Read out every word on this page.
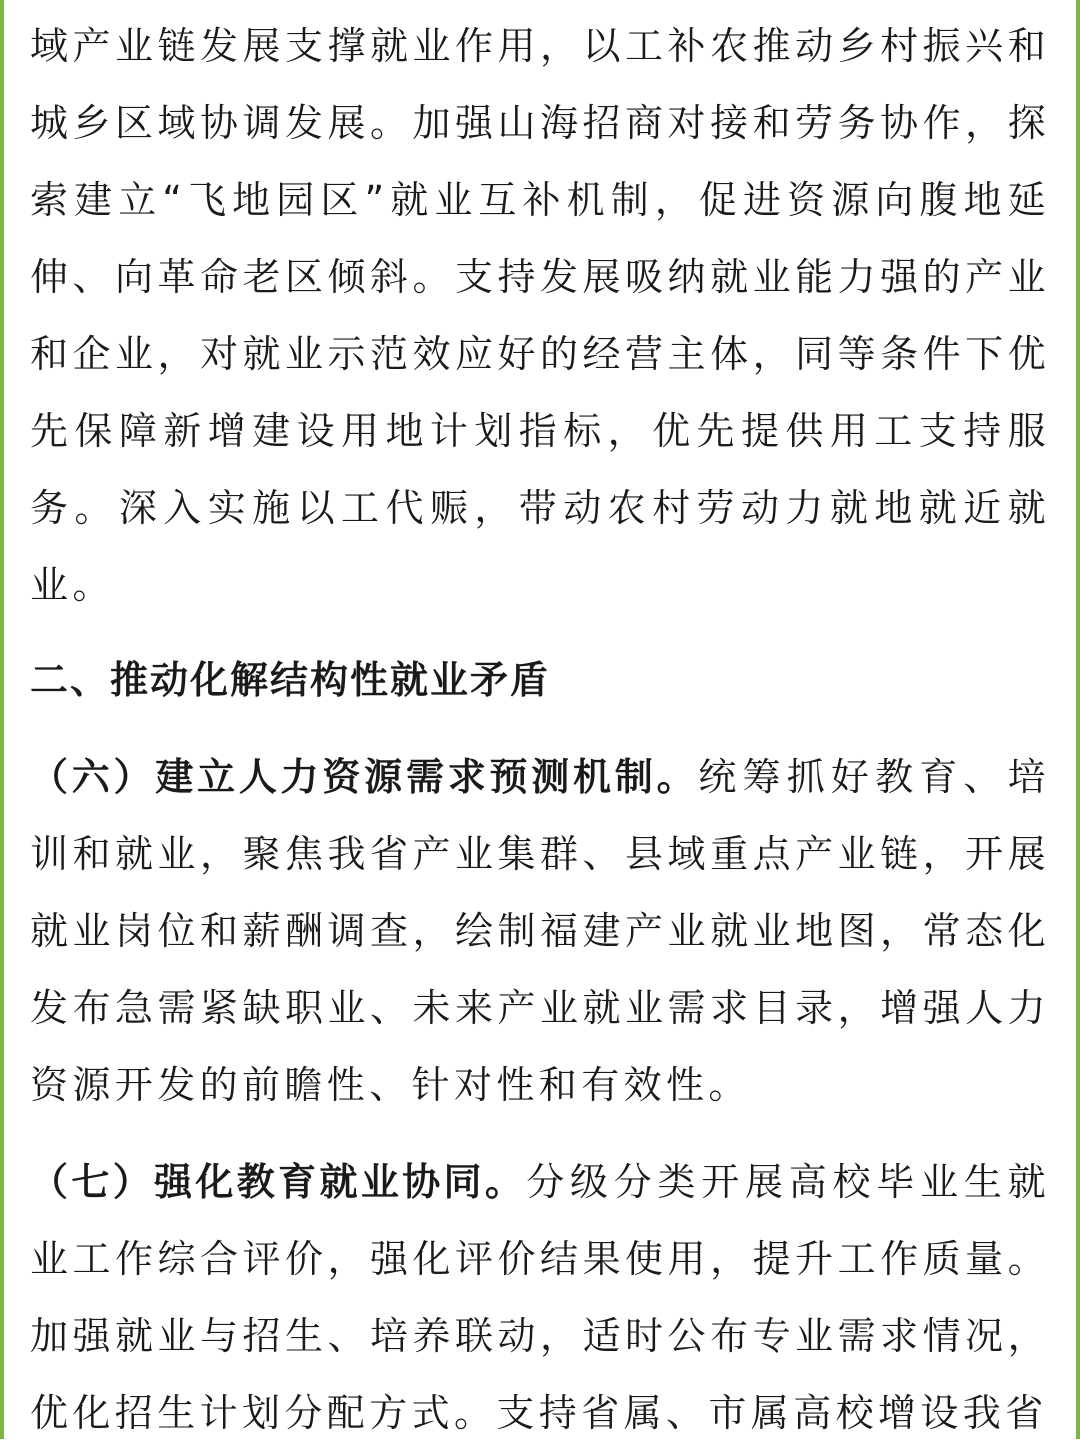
域产业链发展支撑就业作用，以工补农推动乡村振兴和城乡区域协调发展。加强山海招商对接和劳务协作，探索建立“飞地园区”就业互补机制，促进资源向腹地延伸、向革命老区倾斜。支持发展吸纳就业能力强的产业和企业，对就业示范效应好的经营主体，同等条件下优先保障新增建设用地计划指标，优先提供用工支持服务。深入实施以工代赈，带动农村劳动力就地就近就业。

二、推动化解结构性就业矛盾

（六）建立人力资源需求预测机制。统筹抓好教育、培训和就业，聚焦我省产业集群、县域重点产业链，开展就业岗位和薪酬调查，绘制福建产业就业地图，常态化发布急需紧缺职业、未来产业就业需求目录，增强人力资源开发的前瞻性、针对性和有效性。

（七）强化教育就业协同。分级分类开展高校毕业生就业工作综合评价，强化评价结果使用，提升工作质量。加强就业与招生、培养联动，适时公布专业需求情况，优化招生计划分配方式。支持省属、市属高校增设我省
